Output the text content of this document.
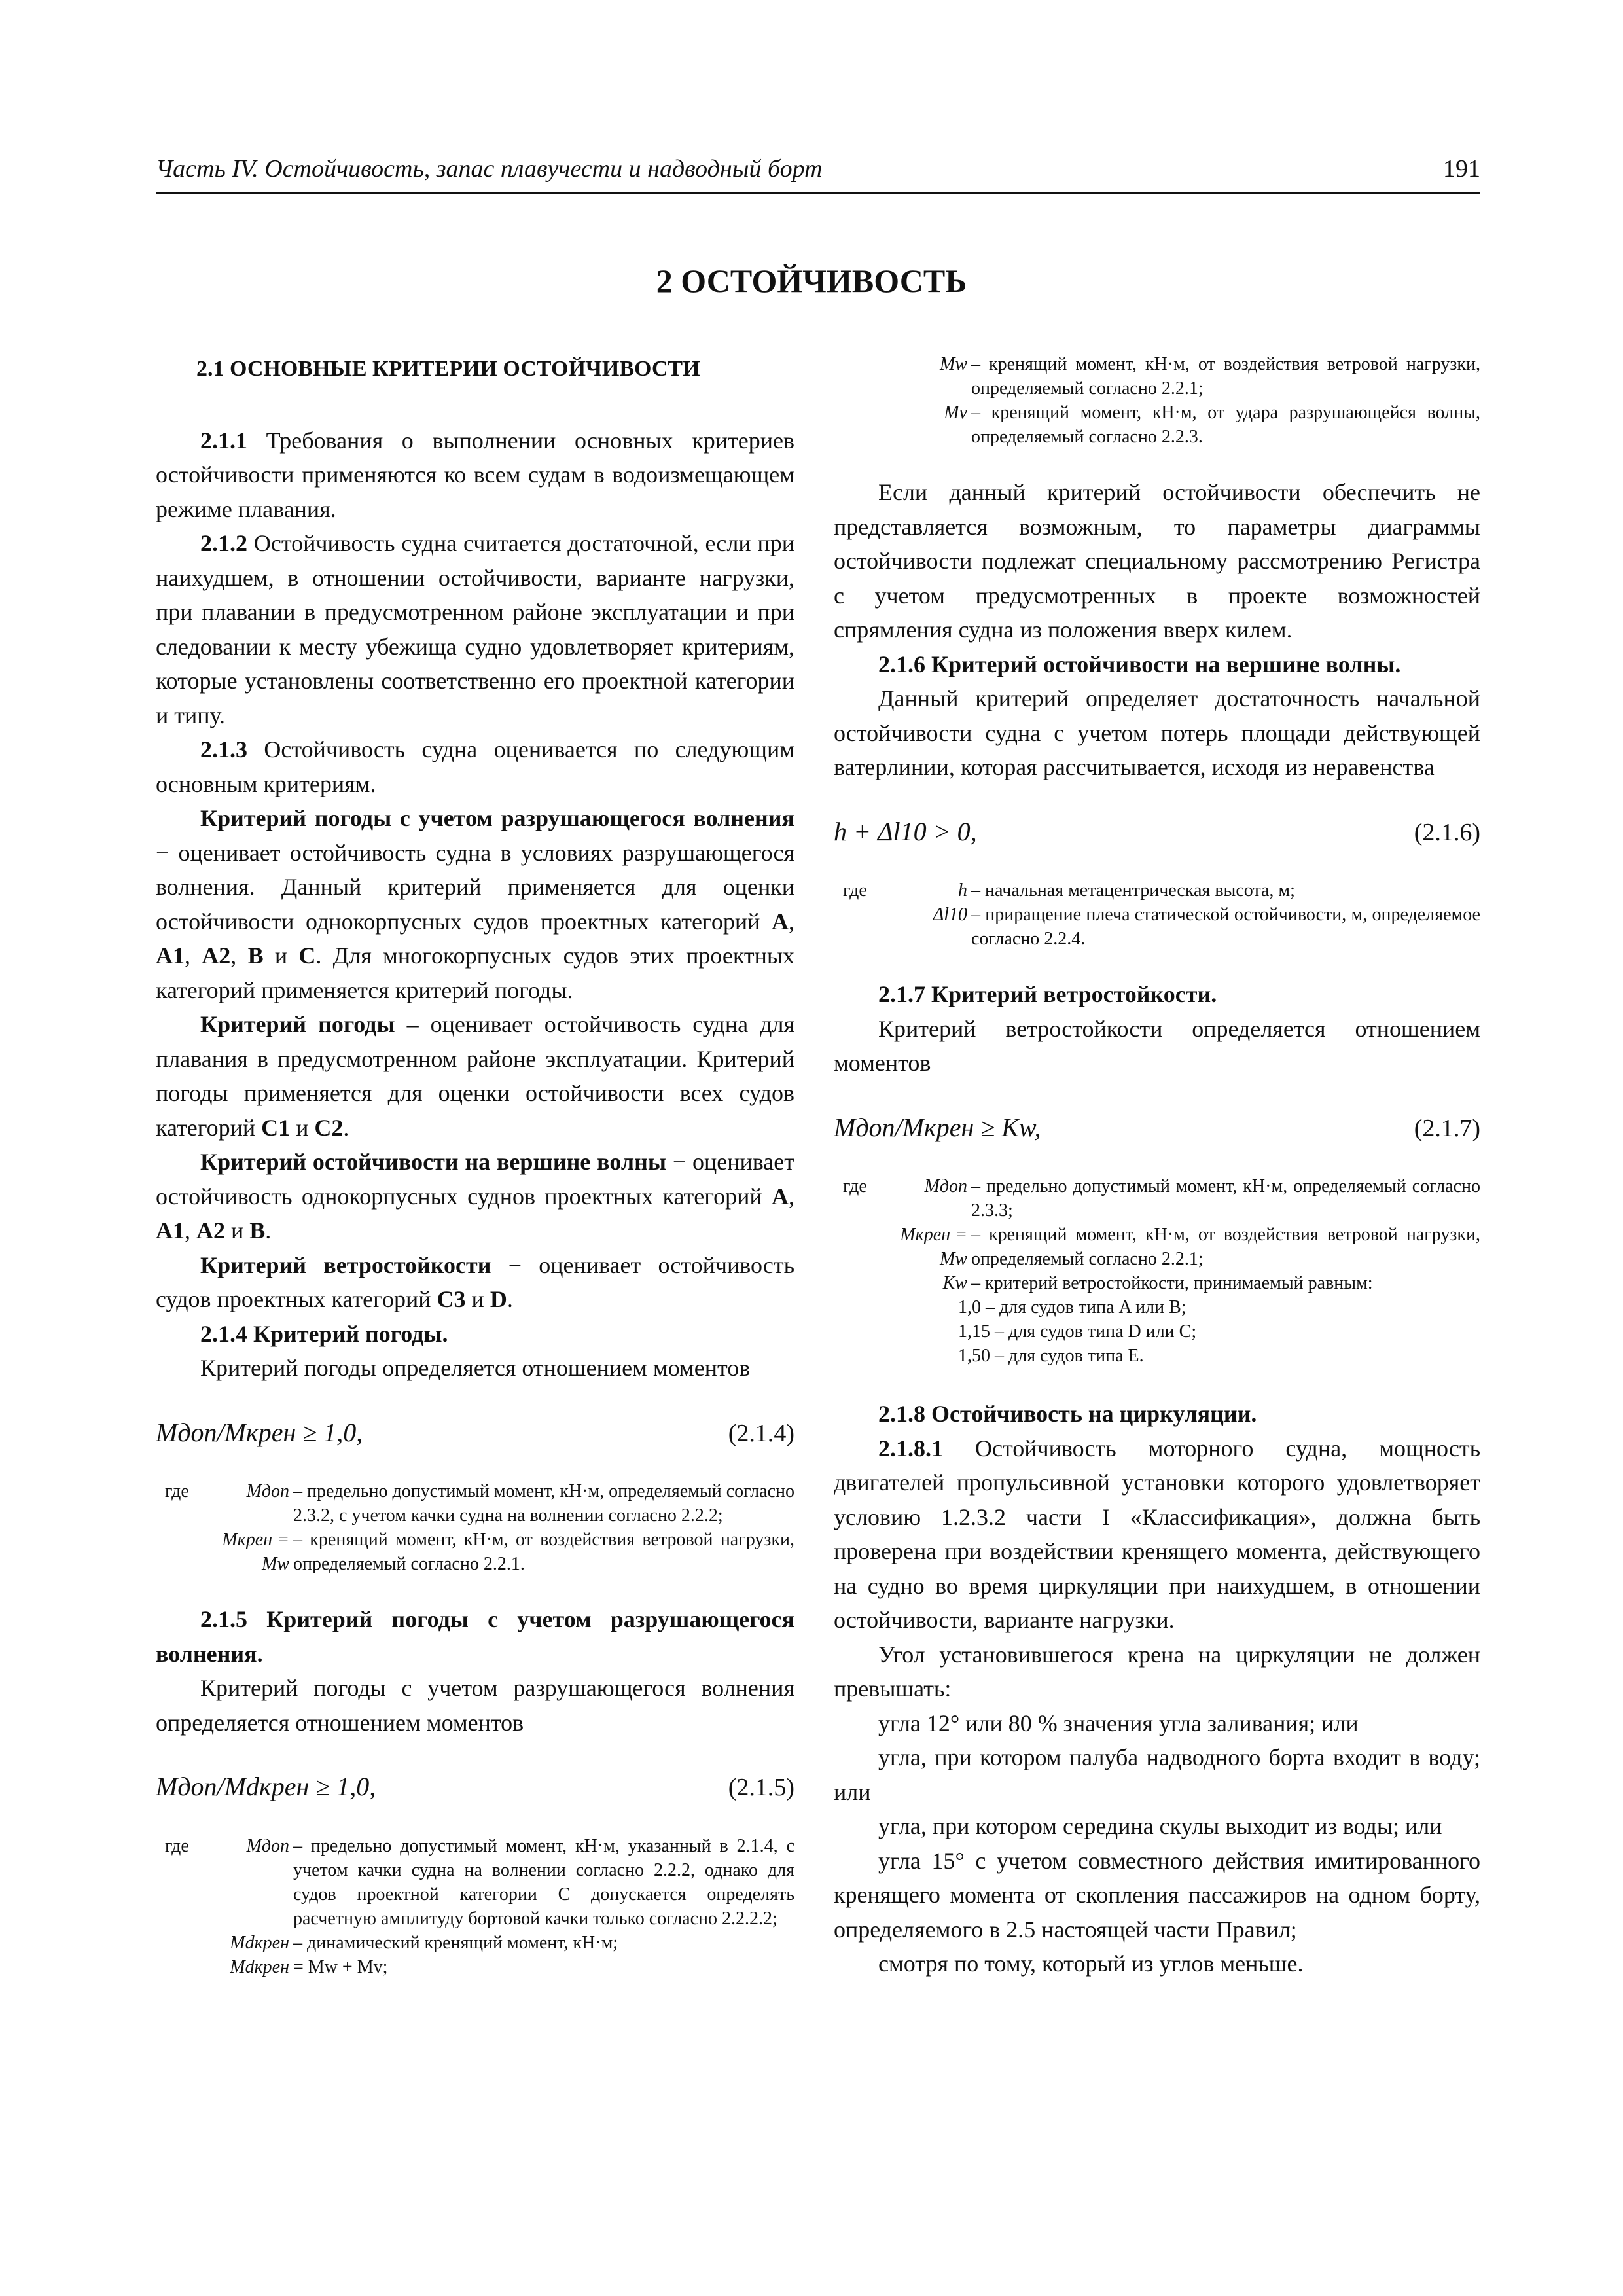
Часть IV. Остойчивость, запас плавучести и надводный борт	191
2 ОСТОЙЧИВОСТЬ
2.1 ОСНОВНЫЕ КРИТЕРИИ ОСТОЙЧИВОСТИ

2.1.1 Требования о выполнении основных критериев остойчивости применяются ко всем судам в водоизмещающем режиме плавания.

2.1.2 Остойчивость судна считается достаточной, если при наихудшем, в отношении остойчивости, варианте нагрузки, при плавании в предусмотренном районе эксплуатации и при следовании к месту убежища судно удовлетворяет критериям, которые установлены соответственно его проектной категории и типу.

2.1.3 Остойчивость судна оценивается по следующим основным критериям.

Критерий погоды с учетом разрушающегося волнения − оценивает остойчивость судна в условиях разрушающегося волнения. Данный критерий применяется для оценки остойчивости однокорпусных судов проектных категорий A, A1, A2, B и C. Для многокорпусных судов этих проектных категорий применяется критерий погоды.

Критерий погоды – оценивает остойчивость судна для плавания в предусмотренном районе эксплуатации. Критерий погоды применяется для оценки остойчивости всех судов категорий C1 и C2.

Критерий остойчивости на вершине волны − оценивает остойчивость однокорпусных суднов проектных категорий A, A1, A2 и B.

Критерий ветростойкости − оценивает остойчивость судов проектных категорий C3 и D.

2.1.4 Критерий погоды.

Критерий погоды определяется отношением моментов

Mдоп/Mкрен ≥ 1,0,	(2.1.4)
где	Mдоп – предельно допустимый момент, кН·м, определяемый согласно 2.3.2, с учетом качки судна на волнении согласно 2.2.2;
Mкрен = Mw
– кренящий момент, кН·м, от воздействия ветровой нагрузки, определяемый согласно 2.2.1.

2.1.5 Критерий погоды с учетом разрушающегося волнения.

Критерий погоды с учетом разрушающегося волнения определяется отношением моментов

Mдоп/Mdкрен ≥ 1,0,	(2.1.5)
где	Mдоп – предельно допустимый момент, кН·м, указанный в 2.1.4, с учетом качки судна на волнении согласно 2.2.2, однако для судов проектной категории C допускается определять расчетную амплитуду бортовой качки только согласно 2.2.2.2;
Mdкрен – динамический кренящий момент, кН·м;
Mdкрен = Mw + Mv;
Mw – кренящий момент, кН·м, от воздействия ветровой нагрузки, определяемый согласно 2.2.1;
Mv – кренящий момент, кН·м, от удара разрушающейся волны, определяемый согласно 2.2.3.

Если данный критерий остойчивости обеспечить не представляется возможным, то параметры диаграммы остойчивости подлежат специальному рассмотрению Регистра с учетом предусмотренных в проекте возможностей спрямления судна из положения вверх килем.

2.1.6 Критерий остойчивости на вершине волны.

Данный критерий определяет достаточность начальной остойчивости судна с учетом потерь площади действующей ватерлинии, которая рассчитывается, исходя из неравенства

h + Δl10 > 0,	(2.1.6)
где	h – начальная метацентрическая высота, м;
Δl10 – приращение плеча статической остойчивости, м, определяемое согласно 2.2.4.

2.1.7 Критерий ветростойкости.

Критерий ветростойкости определяется отношением моментов

Mдоп/Mкрен ≥ Kw,	(2.1.7)
где	Mдоп – предельно допустимый момент, кН·м, определяемый согласно 2.3.3;
Mкрен = Mw
– кренящий момент, кН·м, от воздействия ветровой нагрузки, определяемый согласно 2.2.1;
Kw – критерий ветростойкости, принимаемый равным:
1,0 – для судов типа A или B;
1,15 – для судов типа D или C;
1,50 – для судов типа E.

2.1.8 Остойчивость на циркуляции.

2.1.8.1 Остойчивость моторного судна, мощность двигателей пропульсивной установки которого удовлетворяет условию 1.2.3.2 части I «Классификация», должна быть проверена при воздействии кренящего момента, действующего на судно во время циркуляции при наихудшем, в отношении остойчивости, варианте нагрузки.

Угол установившегося крена на циркуляции не должен превышать:

угла 12° или 80 % значения угла заливания; или

угла, при котором палуба надводного борта входит в воду; или

угла, при котором середина скулы выходит из воды; или

угла 15° с учетом совместного действия имитированного кренящего момента от скопления пассажиров на одном борту, определяемого в 2.5 настоящей части Правил;

смотря по тому, который из углов меньше.
